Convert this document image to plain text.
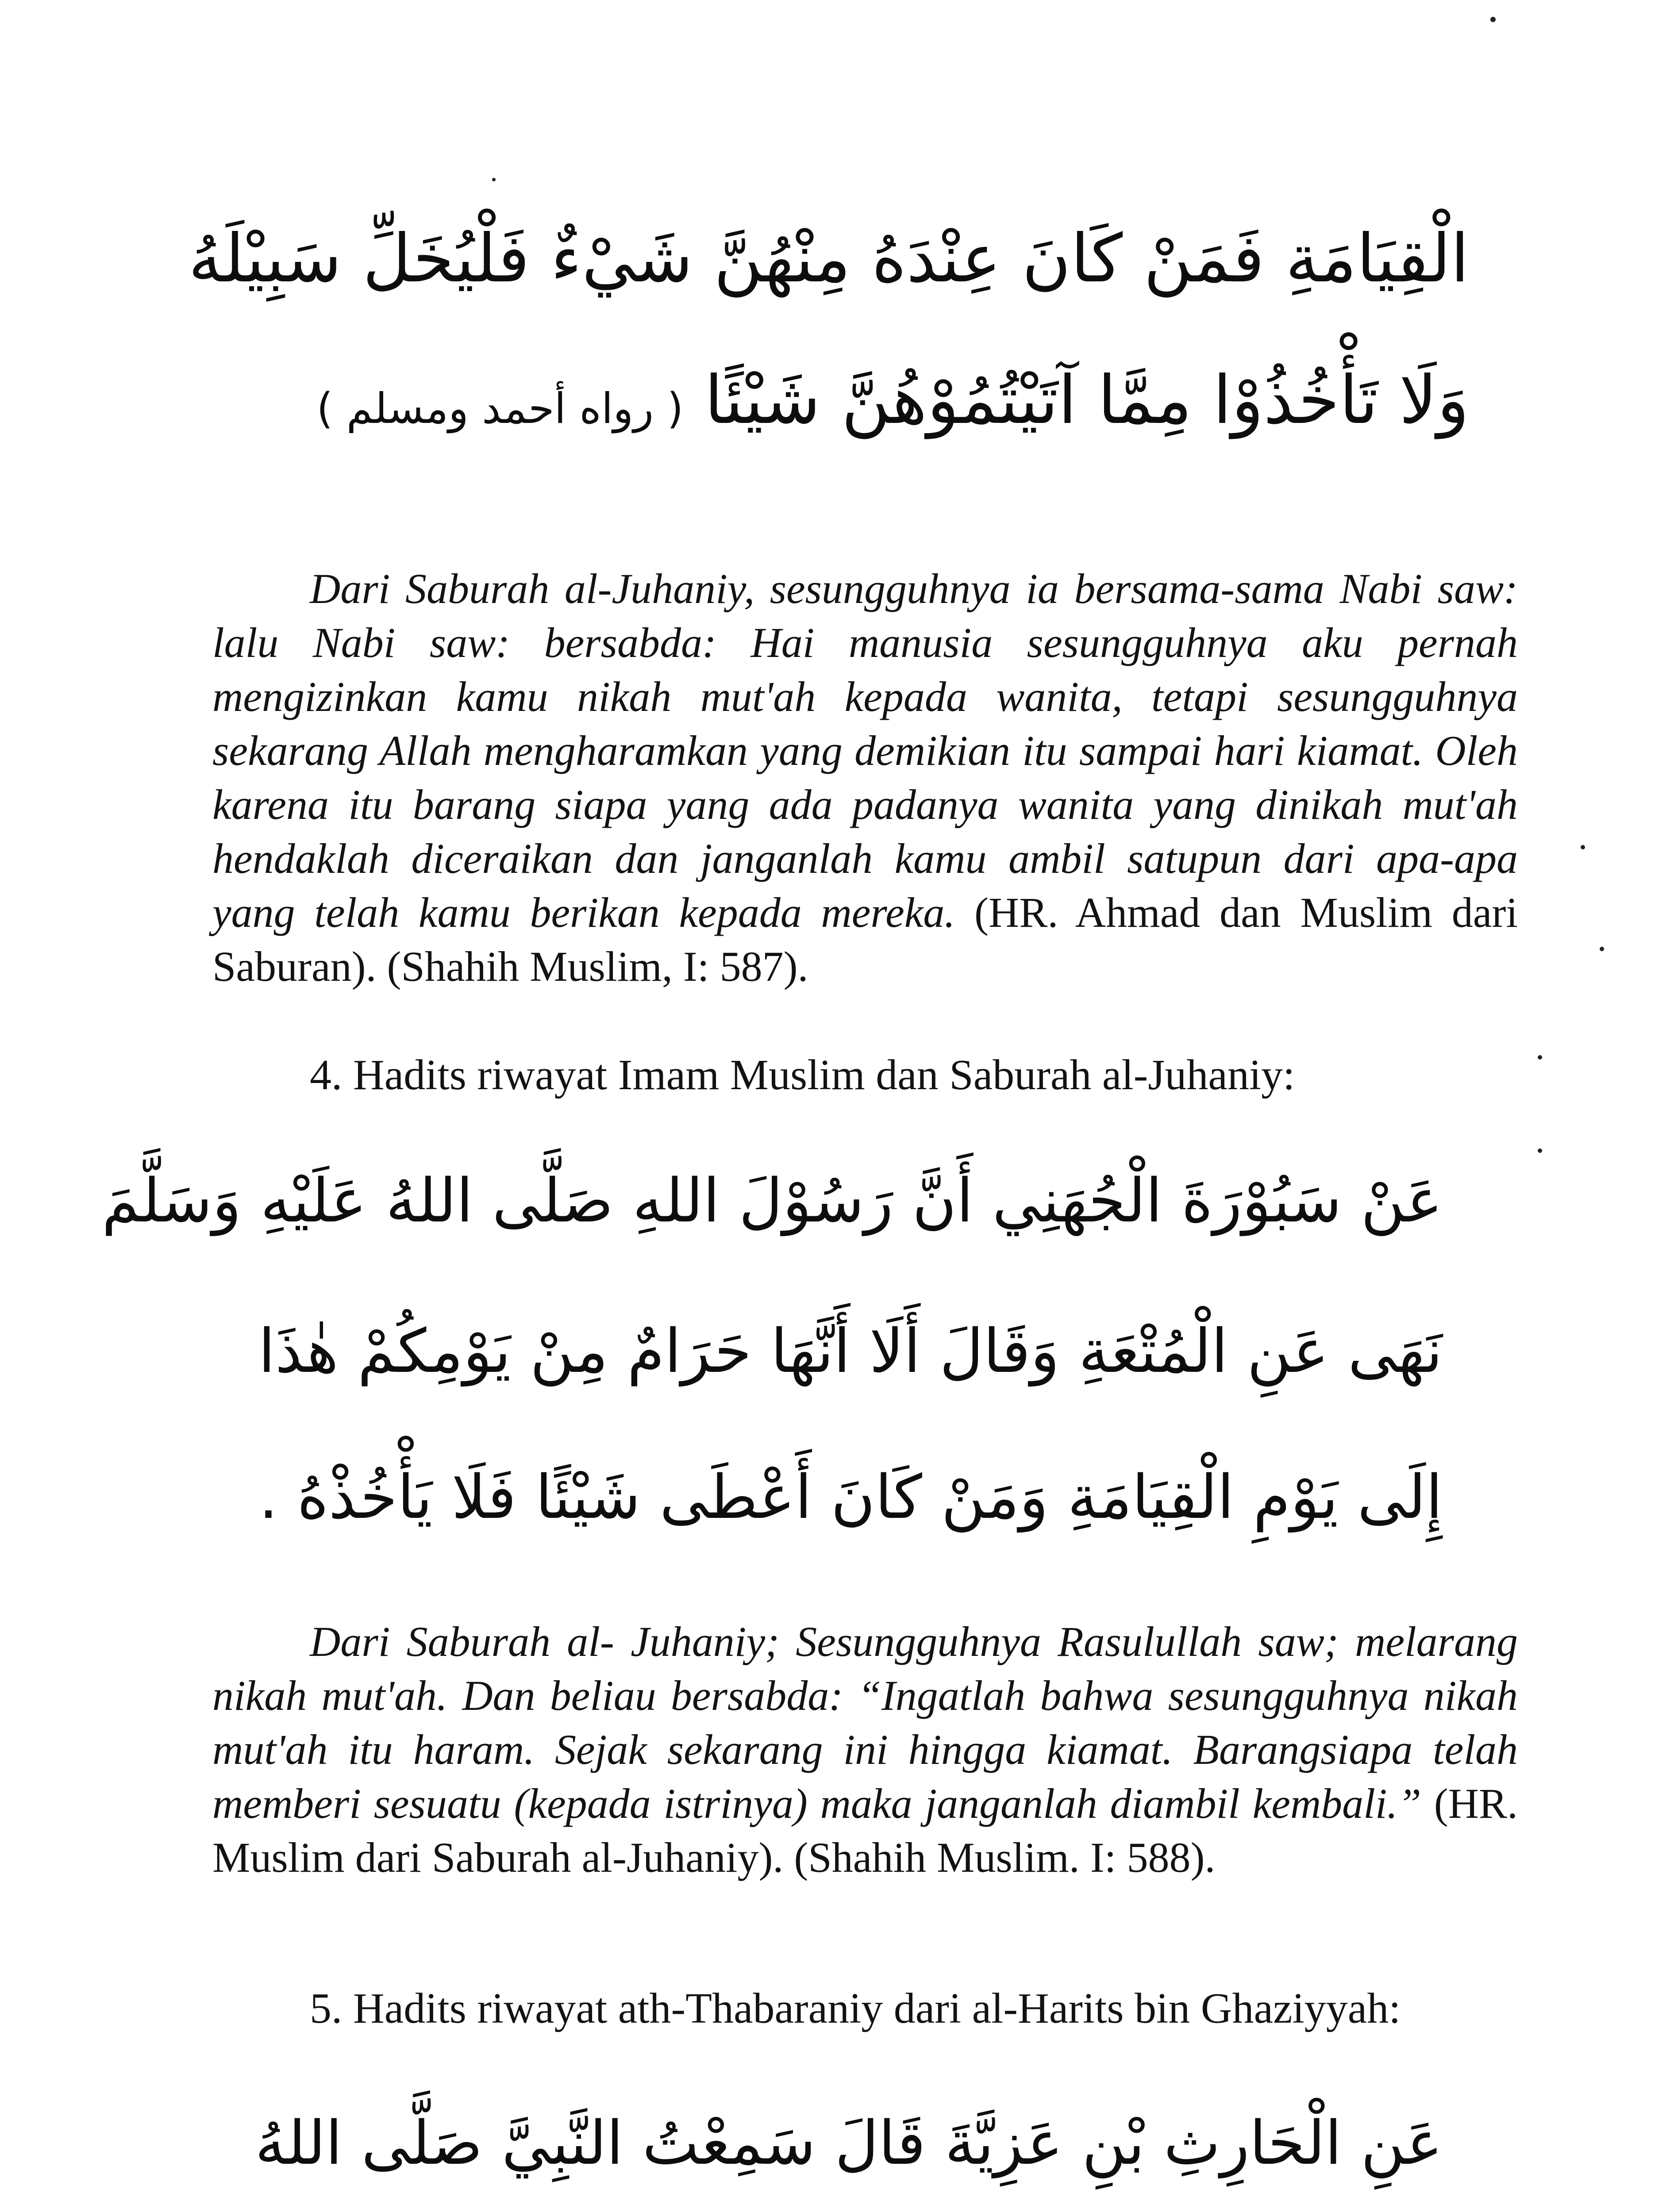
الْقِيَامَةِ فَمَنْ كَانَ عِنْدَهُ مِنْهُنَّ شَيْءٌ فَلْيُخَلِّ سَبِيْلَهُ
وَلَا تَأْخُذُوْا مِمَّا آتَيْتُمُوْهُنَّ شَيْئًا ( رواه أحمد ومسلم )
Dari Saburah al-Juhaniy, sesungguhnya ia bersama-sama Nabi saw: lalu Nabi saw: bersabda: Hai manusia sesungguhnya aku pernah mengizinkan kamu nikah mut'ah kepada wanita, tetapi sesungguhnya sekarang Allah mengharamkan yang demikian itu sampai hari kiamat. Oleh karena itu barang siapa yang ada padanya wanita yang dinikah mut'ah hendaklah diceraikan dan janganlah kamu ambil satupun dari apa-apa yang telah kamu berikan kepada mereka. (HR. Ahmad dan Muslim dari Saburan). (Shahih Muslim, I: 587).
4. Hadits riwayat Imam Muslim dan Saburah al-Juhaniy:
عَنْ سَبُوْرَةَ الْجُهَنِي أَنَّ رَسُوْلَ اللهِ صَلَّى اللهُ عَلَيْهِ وَسَلَّمَ
نَهَى عَنِ الْمُتْعَةِ وَقَالَ أَلَا أَنَّهَا حَرَامٌ مِنْ يَوْمِكُمْ هٰذَا
إِلَى يَوْمِ الْقِيَامَةِ وَمَنْ كَانَ أَعْطَى شَيْئًا فَلَا يَأْخُذْهُ .
Dari Saburah al- Juhaniy; Sesungguhnya Rasulullah saw; melarang nikah mut'ah. Dan beliau bersabda: “Ingatlah bahwa sesungguhnya nikah mut'ah itu haram. Sejak sekarang ini hingga kiamat. Barangsiapa telah memberi sesuatu (kepada istrinya) maka janganlah diambil kembali.” (HR. Muslim dari Saburah al-Juhaniy). (Shahih Muslim. I: 588).
5. Hadits riwayat ath-Thabaraniy dari al-Harits bin Ghaziyyah:
عَنِ الْحَارِثِ بْنِ عَزِيَّةَ قَالَ سَمِعْتُ النَّبِيَّ صَلَّى اللهُ
